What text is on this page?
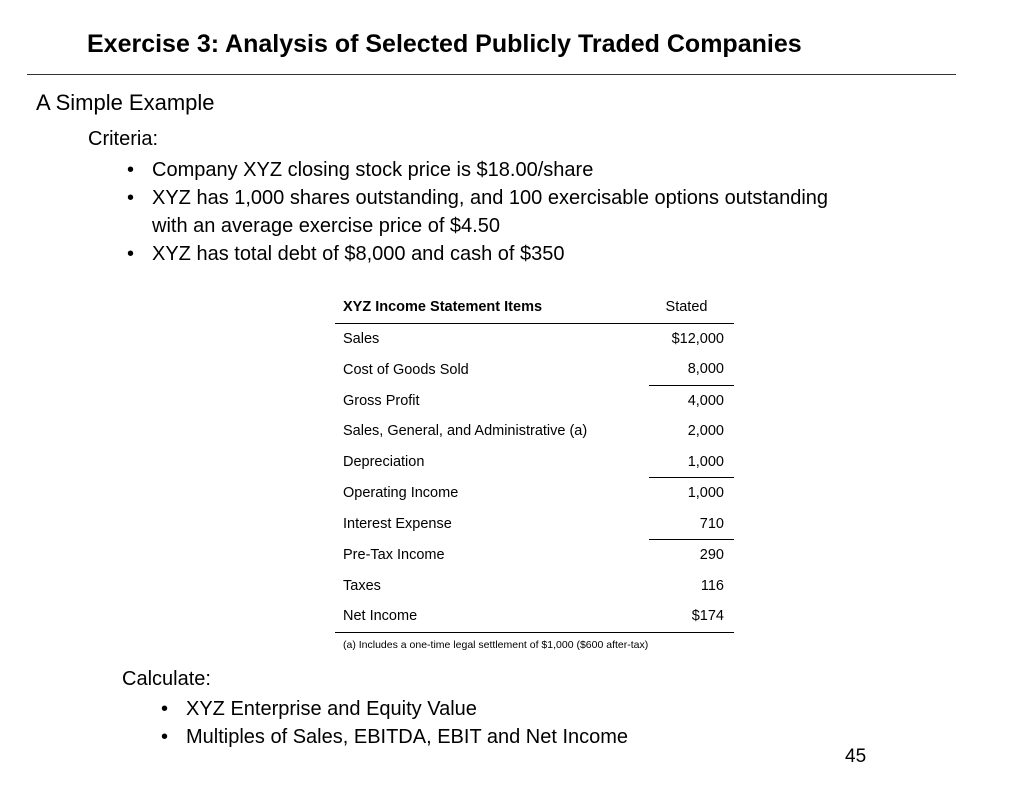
Exercise 3: Analysis of Selected Publicly Traded Companies
A Simple Example
Criteria:
• Company XYZ closing stock price is $18.00/share
• XYZ has 1,000 shares outstanding, and 100 exercisable options outstanding with an average exercise price of $4.50
• XYZ has total debt of $8,000 and cash of $350
XYZ Income Statement Items	Stated
Sales	$12,000
Cost of Goods Sold	8,000
Gross Profit	4,000
Sales, General, and Administrative (a)	2,000
Depreciation	1,000
Operating Income	1,000
Interest Expense	710
Pre-Tax Income	290
Taxes	116
Net Income	$174
(a) Includes a one-time legal settlement of $1,000 ($600 after-tax)	
Calculate:
• XYZ Enterprise and Equity Value
• Multiples of Sales, EBITDA, EBIT and Net Income
45
